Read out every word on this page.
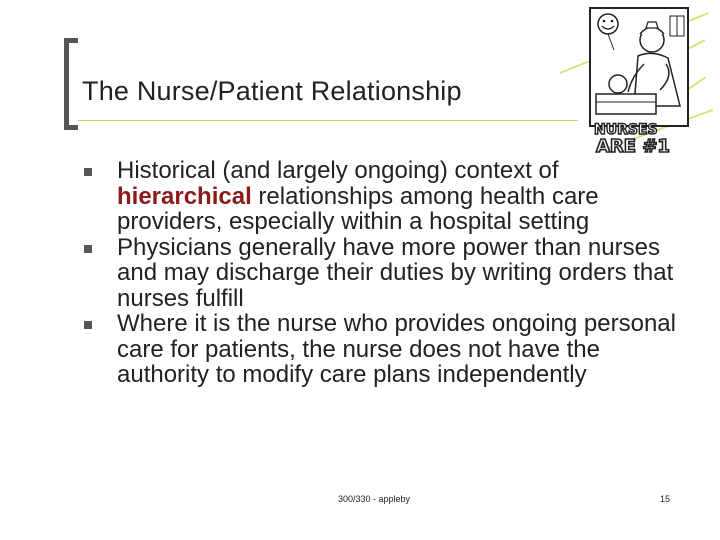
The Nurse/Patient Relationship
NURSES
ARE #1
Historical (and largely ongoing) context of hierarchical relationships among health care providers, especially within a hospital setting
Physicians generally have more power than nurses and may discharge their duties by writing orders that nurses fulfill
Where it is the nurse who provides ongoing personal care for patients, the nurse does not have the authority to modify care plans independently
300/330 - appleby	15
